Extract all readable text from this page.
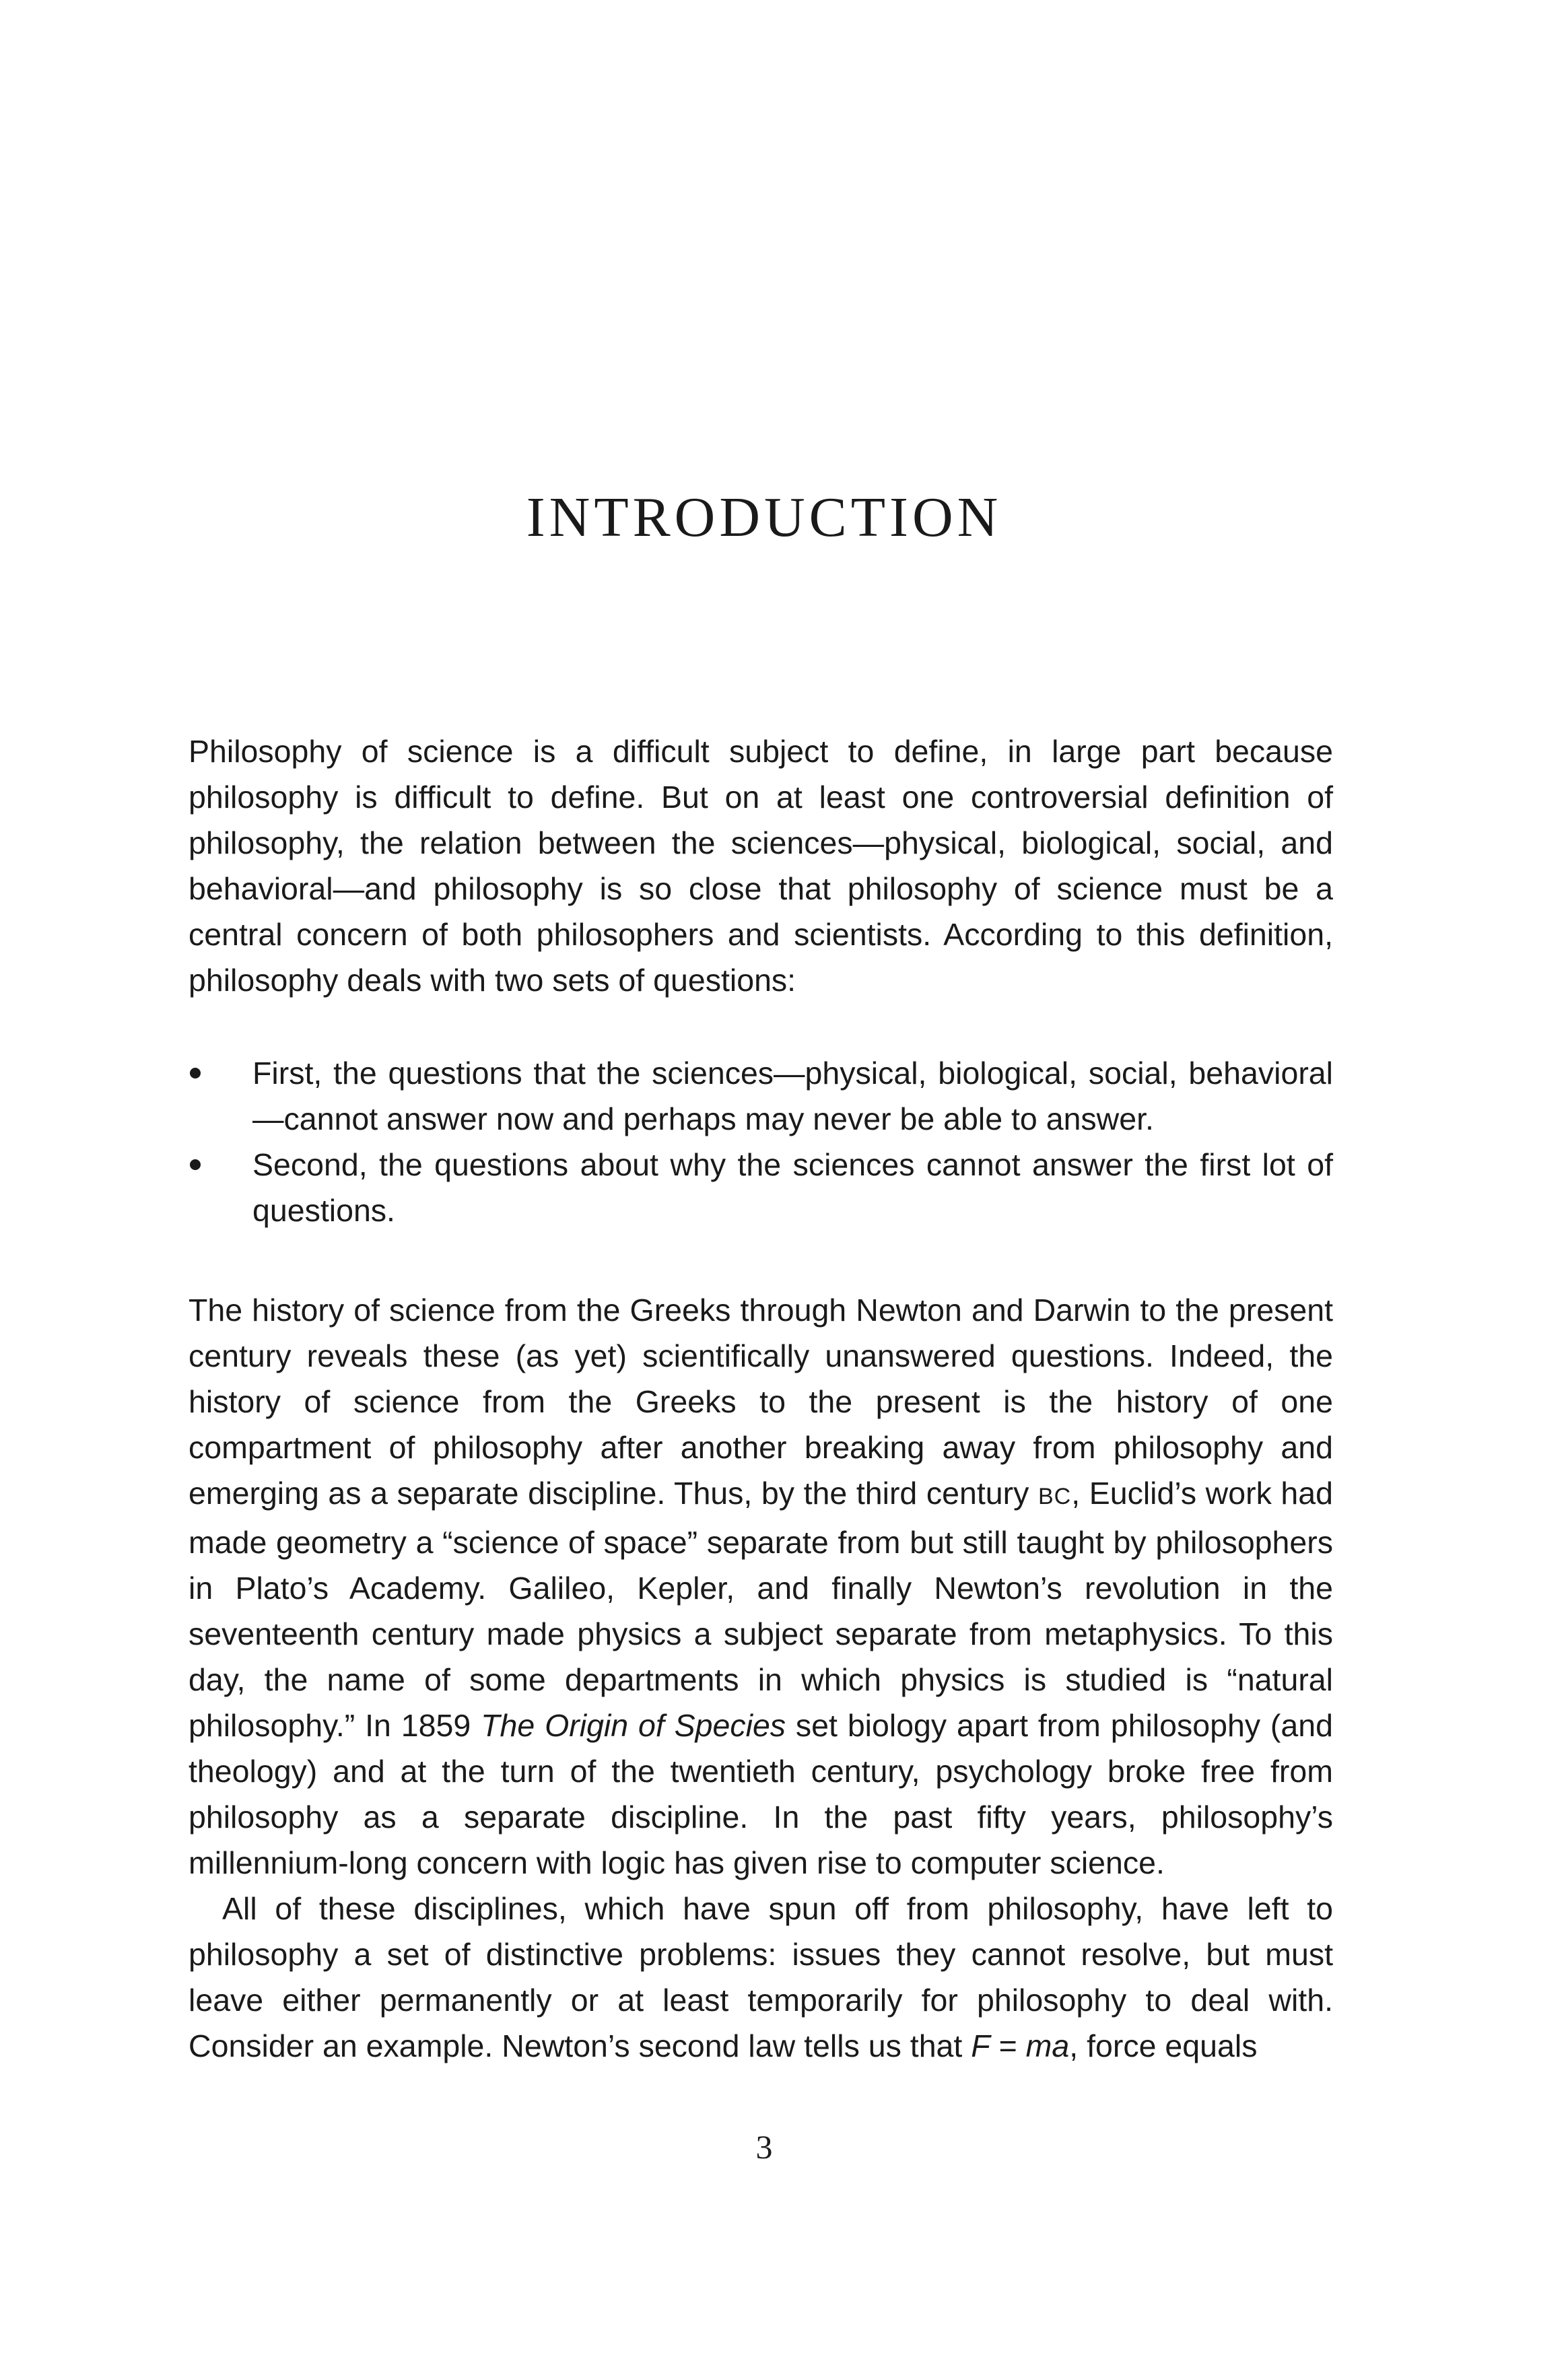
INTRODUCTION

Philosophy of science is a difficult subject to define, in large part because philosophy is difficult to define. But on at least one controversial definition of philosophy, the relation between the sciences—physical, biological, social, and behavioral—and philosophy is so close that philosophy of science must be a central concern of both philosophers and scientists. According to this definition, philosophy deals with two sets of questions:

First, the questions that the sciences—physical, biological, social, behavioral—cannot answer now and perhaps may never be able to answer.
Second, the questions about why the sciences cannot answer the first lot of questions.

The history of science from the Greeks through Newton and Darwin to the present century reveals these (as yet) scientifically unanswered questions. Indeed, the history of science from the Greeks to the present is the history of one compartment of philosophy after another breaking away from philosophy and emerging as a separate discipline. Thus, by the third century BC, Euclid’s work had made geometry a “science of space” separate from but still taught by philosophers in Plato’s Academy. Galileo, Kepler, and finally Newton’s revolution in the seventeenth century made physics a subject separate from metaphysics. To this day, the name of some departments in which physics is studied is “natural philosophy.” In 1859 The Origin of Species set biology apart from philosophy (and theology) and at the turn of the twentieth century, psychology broke free from philosophy as a separate discipline. In the past fifty years, philosophy’s millennium-long concern with logic has given rise to computer science.

All of these disciplines, which have spun off from philosophy, have left to philosophy a set of distinctive problems: issues they cannot resolve, but must leave either permanently or at least temporarily for philosophy to deal with. Consider an example. Newton’s second law tells us that F = ma, force equals

3
